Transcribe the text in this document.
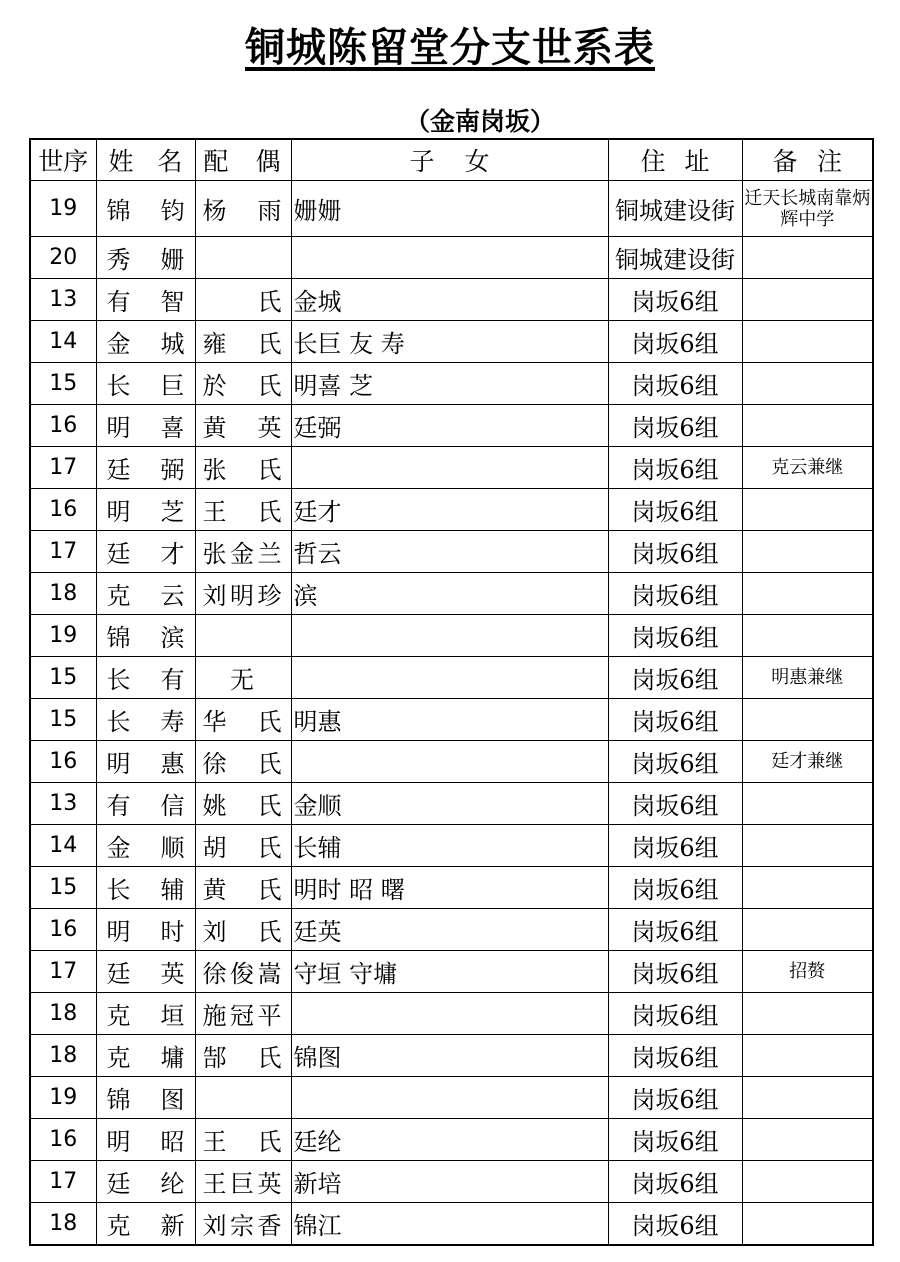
铜城陈留堂分支世系表
（金南岗坂）
世序	姓名	配偶	子女	住址	备注
19	锦钧	杨雨	姗姗	铜城建设街	迁天长城南靠炳辉中学
20	秀姗			铜城建设街	
13	有智	氏	金城	岗坂6组	
14	金城	雍氏	长巨 友 寿	岗坂6组	
15	长巨	於氏	明喜 芝	岗坂6组	
16	明喜	黄英	廷弼	岗坂6组	
17	廷弼	张氏		岗坂6组	克云兼继
16	明芝	王氏	廷才	岗坂6组	
17	廷才	张金兰	哲云	岗坂6组	
18	克云	刘明珍	滨	岗坂6组	
19	锦滨			岗坂6组	
15	长有	无		岗坂6组	明惠兼继
15	长寿	华氏	明惠	岗坂6组	
16	明惠	徐氏		岗坂6组	廷才兼继
13	有信	姚氏	金顺	岗坂6组	
14	金顺	胡氏	长辅	岗坂6组	
15	长辅	黄氏	明时 昭 曙	岗坂6组	
16	明时	刘氏	廷英	岗坂6组	
17	廷英	徐俊嵩	守垣 守墉	岗坂6组	招赘
18	克垣	施冠平		岗坂6组	
18	克墉	郜氏	锦图	岗坂6组	
19	锦图			岗坂6组	
16	明昭	王氏	廷纶	岗坂6组	
17	廷纶	王巨英	新培	岗坂6组	
18	克新	刘宗香	锦江	岗坂6组	
